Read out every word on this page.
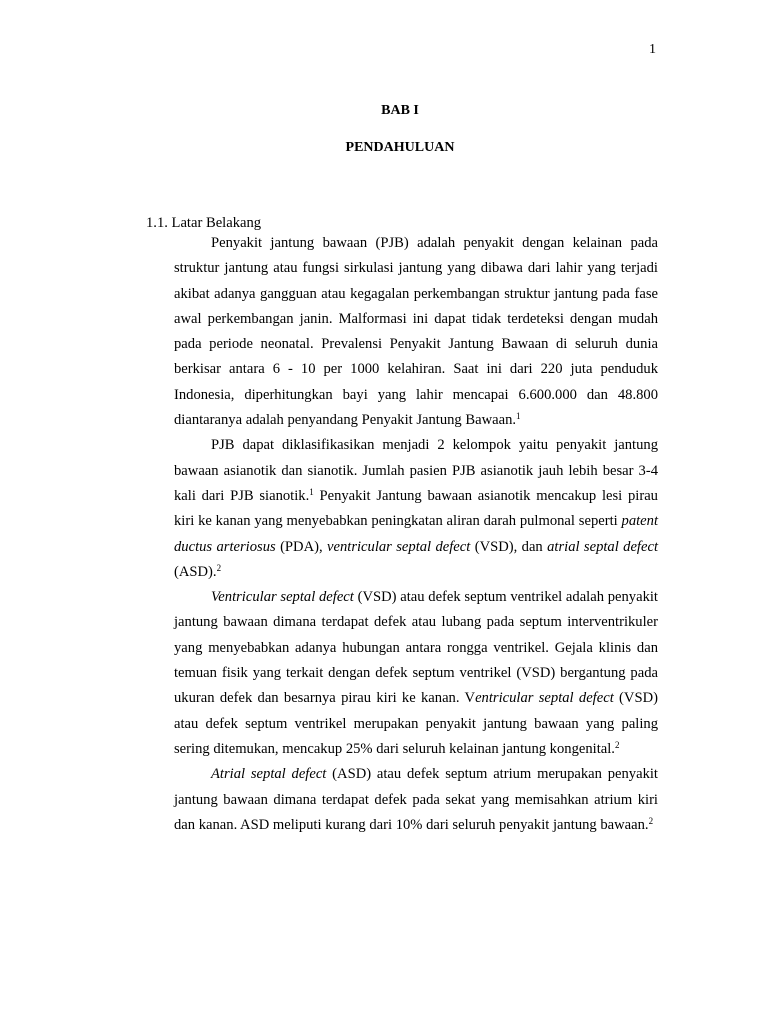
1
BAB I
PENDAHULUAN
1.1. Latar Belakang

Penyakit jantung bawaan (PJB) adalah penyakit dengan kelainan pada struktur jantung atau fungsi sirkulasi jantung yang dibawa dari lahir yang terjadi akibat adanya gangguan atau kegagalan perkembangan struktur jantung pada fase awal perkembangan janin. Malformasi ini dapat tidak terdeteksi dengan mudah pada periode neonatal. Prevalensi Penyakit Jantung Bawaan di seluruh dunia berkisar antara 6 - 10 per 1000 kelahiran. Saat ini dari 220 juta penduduk Indonesia, diperhitungkan bayi yang lahir mencapai 6.600.000 dan 48.800 diantaranya adalah penyandang Penyakit Jantung Bawaan.$^1$

PJB dapat diklasifikasikan menjadi 2 kelompok yaitu penyakit jantung bawaan asianotik dan sianotik. Jumlah pasien PJB asianotik jauh lebih besar 3-4 kali dari PJB sianotik.$^1$ Penyakit Jantung bawaan asianotik mencakup lesi pirau kiri ke kanan yang menyebabkan peningkatan aliran darah pulmonal seperti patent ductus arteriosus (PDA), ventricular septal defect (VSD), dan atrial septal defect (ASD).$^2$

Ventricular septal defect (VSD) atau defek septum ventrikel adalah penyakit jantung bawaan dimana terdapat defek atau lubang pada septum interventrikuler yang menyebabkan adanya hubungan antara rongga ventrikel. Gejala klinis dan temuan fisik yang terkait dengan defek septum ventrikel (VSD) bergantung pada ukuran defek dan besarnya pirau kiri ke kanan. Ventricular septal defect (VSD) atau defek septum ventrikel merupakan penyakit jantung bawaan yang paling sering ditemukan, mencakup 25% dari seluruh kelainan jantung kongenital.$^2$

Atrial septal defect (ASD) atau defek septum atrium merupakan penyakit jantung bawaan dimana terdapat defek pada sekat yang memisahkan atrium kiri dan kanan. ASD meliputi kurang dari 10% dari seluruh penyakit jantung bawaan.$^2$
